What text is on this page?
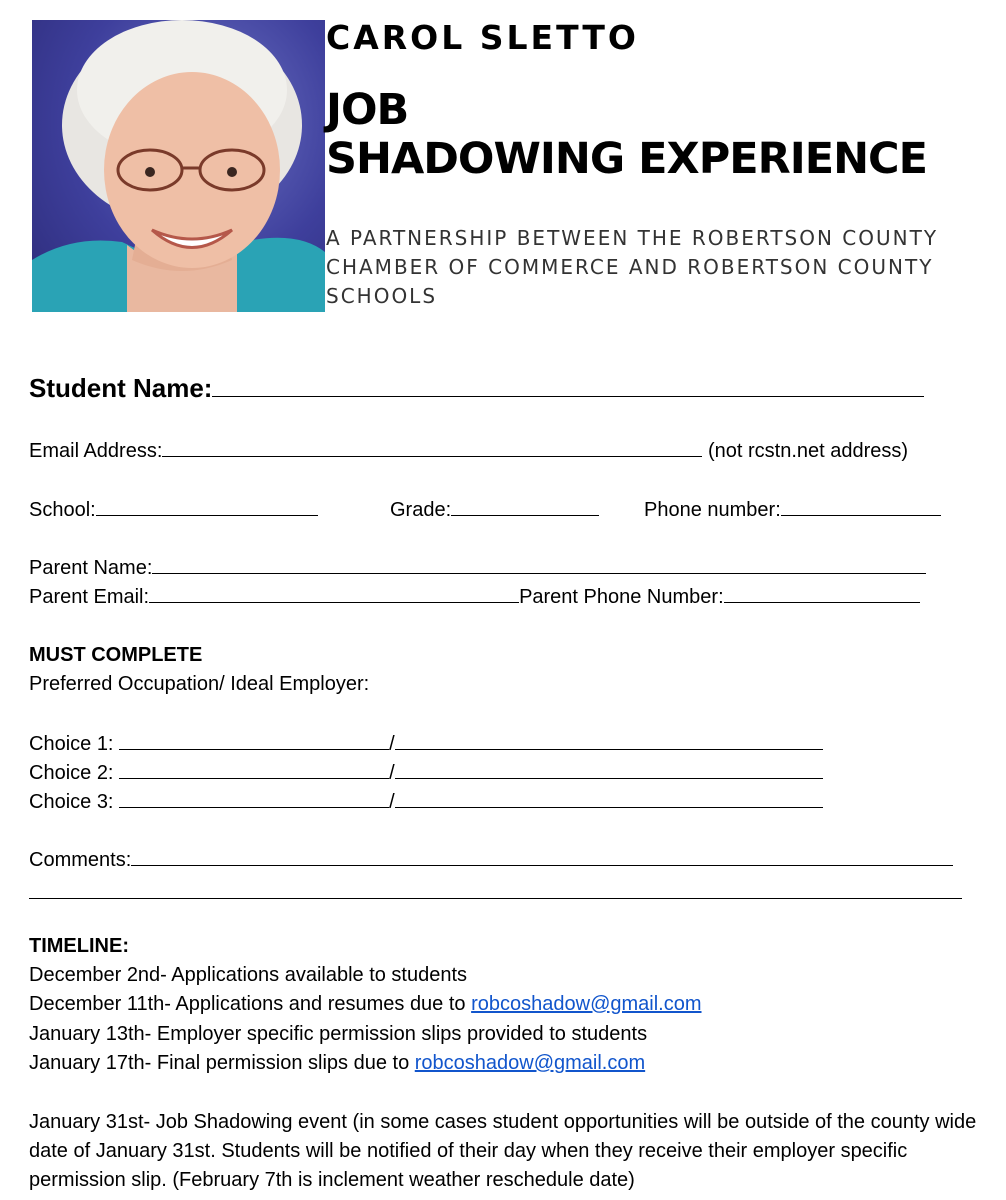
CAROL SLETTO
JOB
SHADOWING EXPERIENCE
A PARTNERSHIP BETWEEN THE ROBERTSON COUNTY
CHAMBER OF COMMERCE AND ROBERTSON COUNTY
SCHOOLS
Student Name:
Email Address:	(not rcstn.net address)
School:	Grade:	Phone number:
Parent Name:
Parent Email:	Parent Phone Number:
MUST COMPLETE
Preferred Occupation/ Ideal Employer:
Choice 1:	/
Choice 2:	/
Choice 3:	/
Comments:
TIMELINE:
December 2nd- Applications available to students
December 11th- Applications and resumes due to robcoshadow@gmail.com
January 13th- Employer specific permission slips provided to students
January 17th- Final permission slips due to robcoshadow@gmail.com
January 31st- Job Shadowing event (in some cases student opportunities will be outside of the county wide date of January 31st. Students will be notified of their day when they receive their employer specific permission slip. (February 7th is inclement weather reschedule date)
